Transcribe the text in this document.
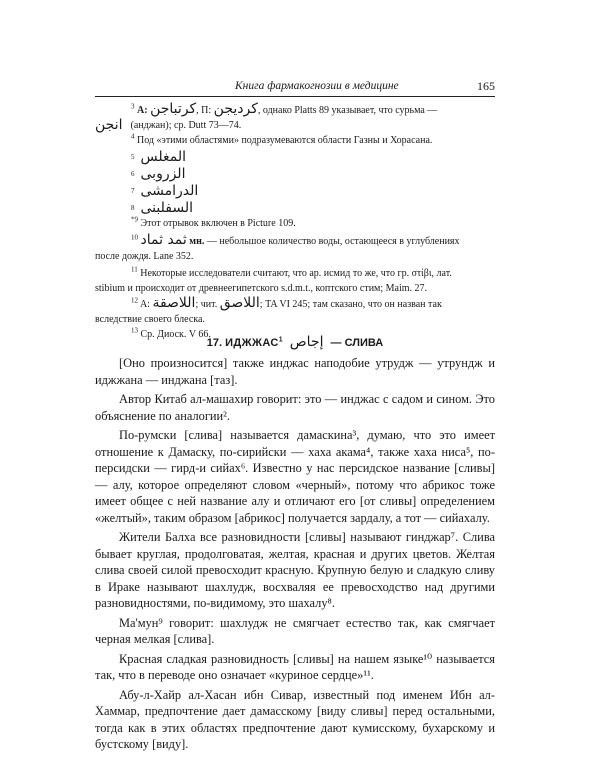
Книга фармакогнозии в медицине	165
$^3$ A: كرتباجن, П: كرديجن, однако Platts 89 указывает, что сурьма —
انجن (анджан); ср. Dutt 73—74.
$^4$ Под «этими областями» подразумеваются области Газны и Хорасана.
5 المغلس
6 الزروبى
7 الدرامشى
8 السفلبنى
$^{*9}$ Этот отрывок включен в Picture 109.
$^{10}$ ثمد ثماد мн. — небольшое количество воды, остающееся в углублениях
после дождя. Lane 352.
$^{11}$ Некоторые исследователи считают, что ар. исмид то же, что гр. στίβι, лат.
stibium и происходит от древнеегипетского s.d.m.t., коптского стим; Maim. 27.
$^{12}$ A: اللاصقة; чит. اللاصق; TA VI 245; там сказано, что он назван так
вследствие своего блеска.
$^{13}$ Ср. Диоск. V 66.
17. ИДЖЖАС$^1$ إجاص — СЛИВА

[Оно произносится] также инджас наподобие утрудж — утрундж и иджжана — инджана [таз].

Автор Китаб ал-машахир говорит: это — инджас с садом и сином. Это объяснение по аналогии².

По-румски [слива] называется дамаскина³, думаю, что это имеет отношение к Дамаску, по-сирийски — хаха акама⁴, также хаха ниса⁵, по-персидски — гирд-и сийах⁶. Известно у нас персидское название [сливы] — алу, которое определяют словом «черный», потому что абрикос тоже имеет общее с ней название алу и отличают его [от сливы] определением «желтый», таким образом [абрикос] получается зардалу, а тот — сийахалу.

Жители Балха все разновидности [сливы] называют гинджар⁷. Слива бывает круглая, продолговатая, желтая, красная и других цветов. Желтая слива своей силой превосходит красную. Крупную белую и сладкую сливу в Ираке называют шахлудж, восхваляя ее превосходство над другими разновидностями, по-видимому, это шахалу⁸.

Ма'мун⁹ говорит: шахлудж не смягчает естество так, как смягчает черная мелкая [слива].

Красная сладкая разновидность [сливы] на нашем языке¹⁰ называется так, что в переводе оно означает «куриное сердце»¹¹.

Абу-л-Хайр ал-Хасан ибн Сивар, известный под именем Ибн ал-Хаммар, предпочтение дает дамасскому [виду сливы] перед остальными, тогда как в этих областях предпочтение дают кумисскому, бухарскому и бустскому [виду].
